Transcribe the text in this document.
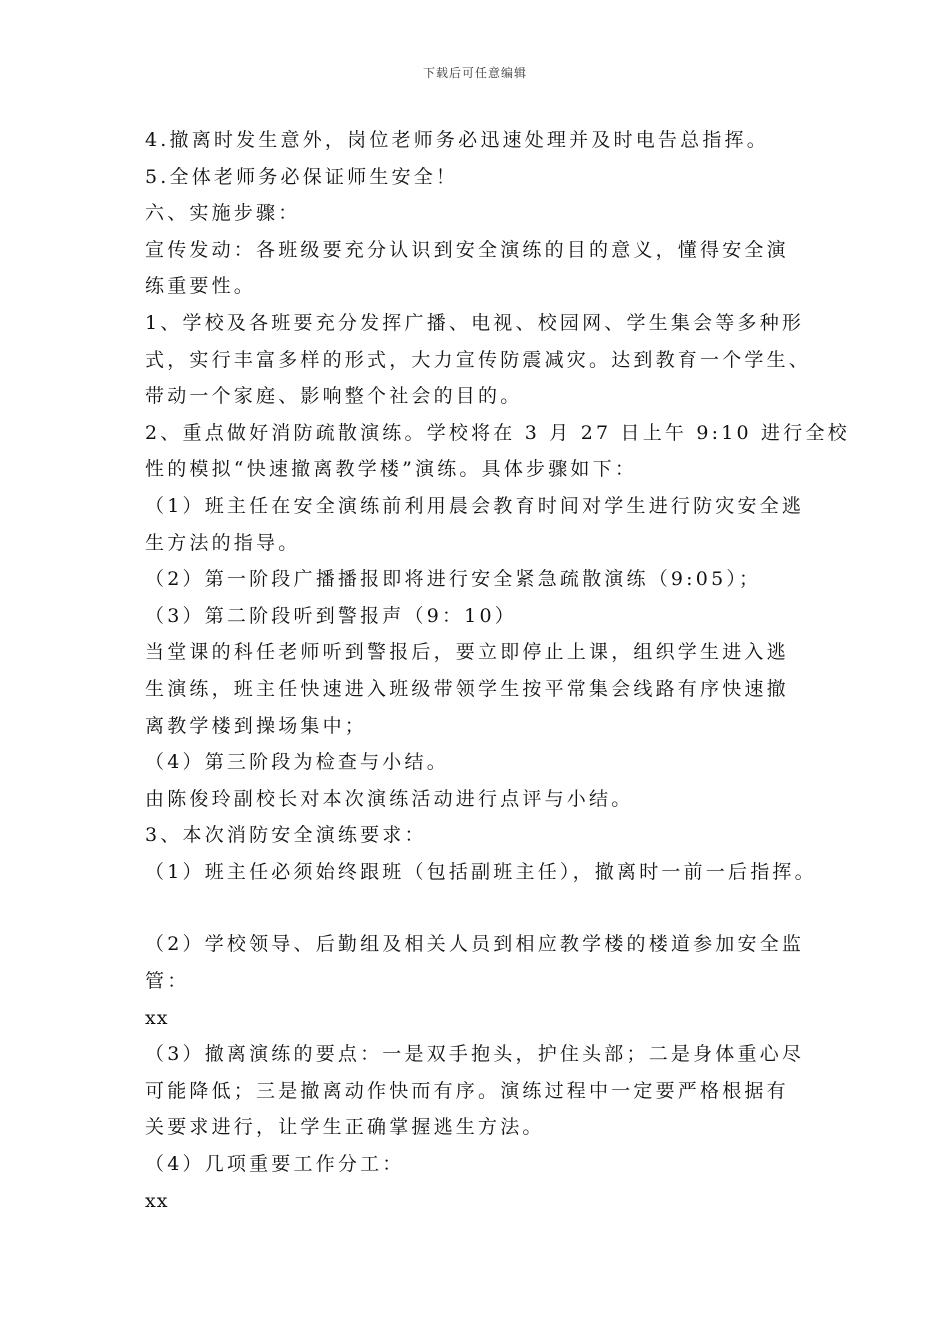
下载后可任意编辑
4.撤离时发生意外，岗位老师务必迅速处理并及时电告总指挥。
5.全体老师务必保证师生安全！
六、实施步骤：
宣传发动：各班级要充分认识到安全演练的目的意义，懂得安全演
练重要性。
1、学校及各班要充分发挥广播、电视、校园网、学生集会等多种形
式，实行丰富多样的形式，大力宣传防震减灾。达到教育一个学生、
带动一个家庭、影响整个社会的目的。
2、重点做好消防疏散演练。学校将在 3 月 27 日上午 9:10 进行全校
性的模拟“快速撤离教学楼”演练。具体步骤如下：
（1）班主任在安全演练前利用晨会教育时间对学生进行防灾安全逃
生方法的指导。
（2）第一阶段广播播报即将进行安全紧急疏散演练（9:05）；
（3）第二阶段听到警报声（9：10）
当堂课的科任老师听到警报后，要立即停止上课，组织学生进入逃
生演练，班主任快速进入班级带领学生按平常集会线路有序快速撤
离教学楼到操场集中；
（4）第三阶段为检查与小结。
由陈俊玲副校长对本次演练活动进行点评与小结。
3、本次消防安全演练要求：
（1）班主任必须始终跟班（包括副班主任），撤离时一前一后指挥。
（2）学校领导、后勤组及相关人员到相应教学楼的楼道参加安全监
管：
xx
（3）撤离演练的要点：一是双手抱头，护住头部；二是身体重心尽
可能降低；三是撤离动作快而有序。演练过程中一定要严格根据有
关要求进行，让学生正确掌握逃生方法。
（4）几项重要工作分工：
xx
